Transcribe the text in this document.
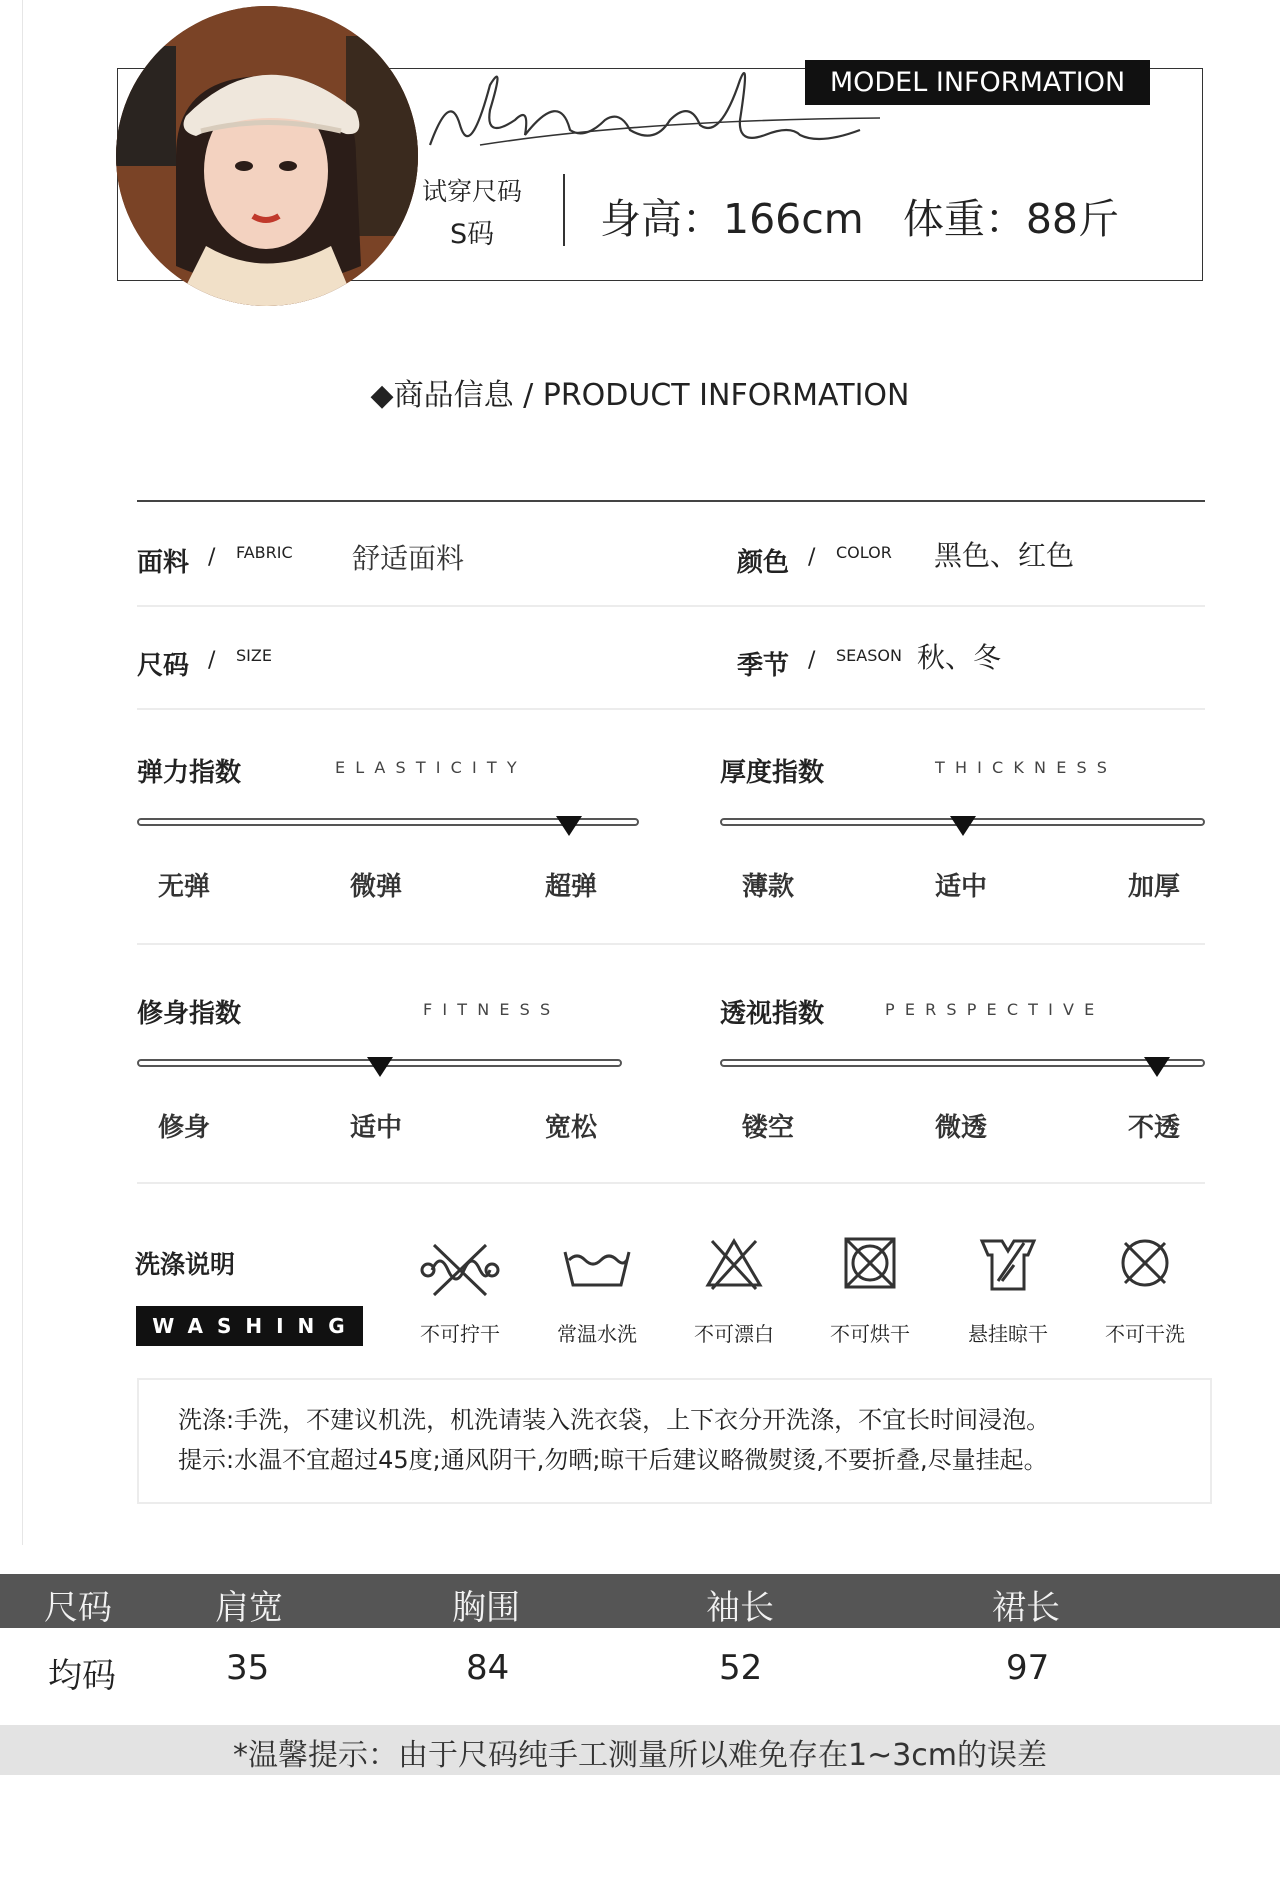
MODEL INFORMATION
试穿尺码
S码	身高：166cm   体重：88斤
◆商品信息 / PRODUCT INFORMATION
面料 / FABRIC 舒适面料	颜色 / COLOR 黑色、红色
尺码 / SIZE	季节 / SEASON 秋、冬
弹力指数	E  L  A  S  T  I  C  I  T  Y
无弹	微弹	超弹
厚度指数	T  H  I  C  K  N  E  S  S
薄款	适中	加厚
修身指数	F  I  T  N  E  S  S
修身	适中	宽松
透视指数	P  E  R  S  P  E  C  T  I  V  E
镂空	微透	不透
洗涤说明
WASHING	不可拧干	常温水洗	不可漂白	不可烘干	悬挂晾干	不可干洗
洗涤:手洗，不建议机洗，机洗请装入洗衣袋，上下衣分开洗涤，不宜长时间浸泡。
提示:水温不宜超过45度;通风阴干,勿晒;晾干后建议略微熨烫,不要折叠,尽量挂起。
尺码	肩宽	胸围	袖长	裙长
均码	35	84	52	97
*温馨提示：由于尺码纯手工测量所以难免存在1~3cm的误差
